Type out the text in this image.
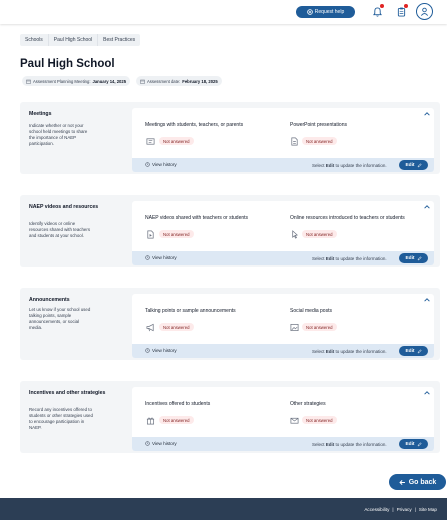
Request help
Schools	Paul High School	Best Practices
Paul High School
Assessment Planning Meeting: January 14, 2025	Assessment date: February 18, 2025
Meetings
Indicate whether or not your school held meetings to share the importance of NAEP participation.
Meetings with students, teachers, or parents
Not answered
PowerPoint presentations
Not answered
View history	Select Edit to update the information.	Edit
NAEP videos and resources
Identify videos or online resources shared with teachers and students at your school.
NAEP videos shared with teachers or students
Not answered
Online resources introduced to teachers or students
Not answered
View history	Select Edit to update the information.	Edit
Announcements
Let us know if your school used talking points, sample announcements, or social media.
Talking points or sample announcements
Not answered
Social media posts
Not answered
View history	Select Edit to update the information.	Edit
Incentives and other strategies
Record any incentives offered to students or other strategies used to encourage participation in NAEP.
Incentives offered to students
Not answered
Other strategies
Not answered
View history	Select Edit to update the information.	Edit
Go back
Accessibility | Privacy | Site Map
